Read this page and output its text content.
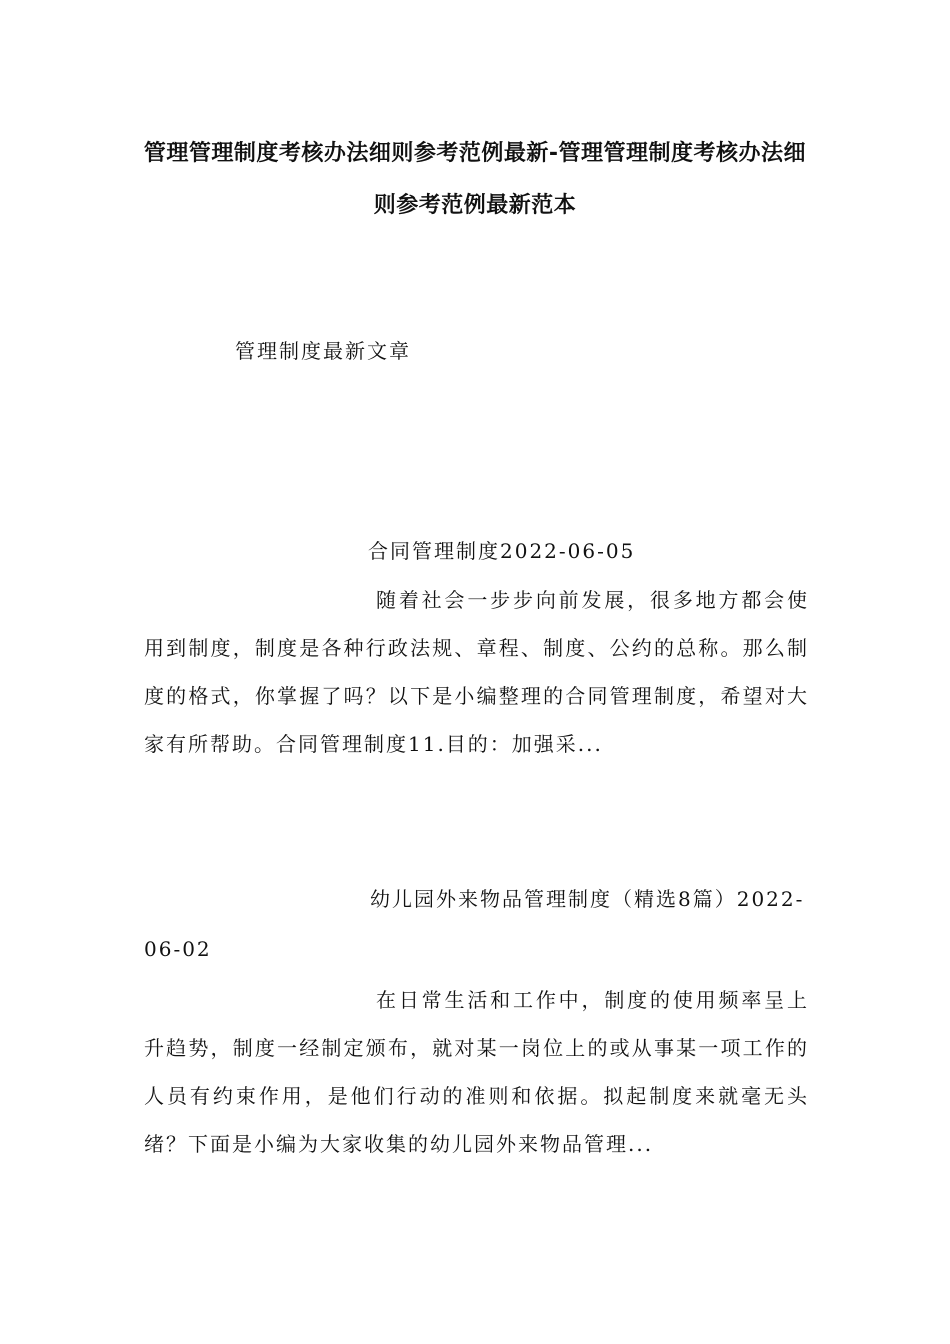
管理管理制度考核办法细则参考范例最新-管理管理制度考核办法细则参考范例最新范本
管理制度最新文章
合同管理制度2022-06-05
随着社会一步步向前发展，很多地方都会使用到制度，制度是各种行政法规、章程、制度、公约的总称。那么制度的格式，你掌握了吗？以下是小编整理的合同管理制度，希望对大家有所帮助。合同管理制度11.目的：加强采...
幼儿园外来物品管理制度（精选8篇）2022-06-02
在日常生活和工作中，制度的使用频率呈上升趋势，制度一经制定颁布，就对某一岗位上的或从事某一项工作的人员有约束作用，是他们行动的准则和依据。拟起制度来就毫无头绪？下面是小编为大家收集的幼儿园外来物品管理...
